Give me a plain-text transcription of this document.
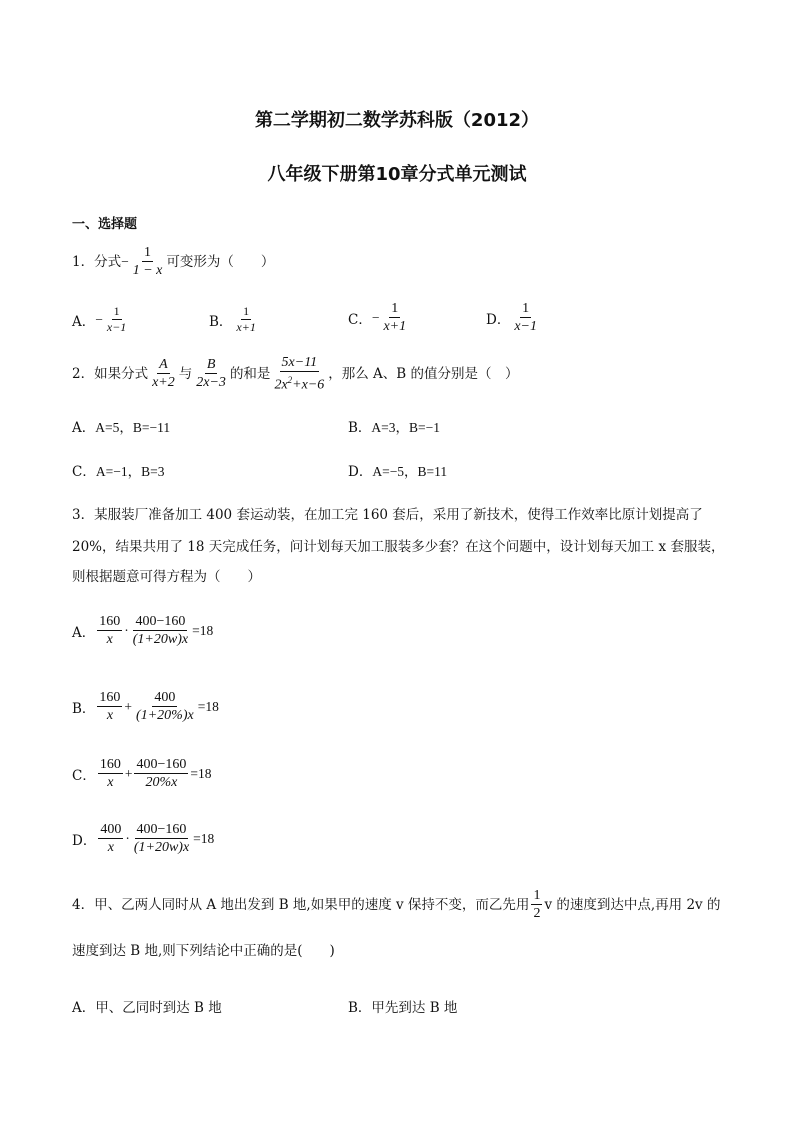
第二学期初二数学苏科版（2012）
八年级下册第10章分式单元测试
一、选择题
1．分式 − $\frac{1}{1 - x}$ 可变形为（　　）
A． − $\frac{1}{x-1}$	B． $\frac{1}{x+1}$	C． − $\frac{1}{x+1}$	D． $\frac{1}{x-1}$
2．如果分式 $\frac{A}{x+2}$ 与 $\frac{B}{2x-3}$ 的和是 $\frac{5x-11}{2x^2+x-6}$ ，那么 A、B 的值分别是（　）
A．A=5，B=−11	B．A=3，B=−1
C．A=−1，B=3	D．A=−5，B=11
3．某服装厂准备加工 400 套运动装，在加工完 160 套后，采用了新技术，使得工作效率比原计划提高了
20%，结果共用了 18 天完成任务，问计划每天加工服装多少套？在这个问题中，设计划每天加工 x 套服装，
则根据题意可得方程为（　　）
A． $\frac{160}{x} \cdot \frac{400-160}{(1+20w)x} =18$
B． $\frac{160}{x} + \frac{400}{(1+20\%)x} =18$
C． $\frac{160}{x} + \frac{400-160}{20\%x} =18$
D． $\frac{400}{x} \cdot \frac{400-160}{(1+20w)x} =18$
4．甲、乙两人同时从 A 地出发到 B 地,如果甲的速度 v 保持不变，而乙先用 $\frac{1}{2}$ v 的速度到达中点,再用 2v 的
速度到达 B 地,则下列结论中正确的是(　　)
A．甲、乙同时到达 B 地	B．甲先到达 B 地
